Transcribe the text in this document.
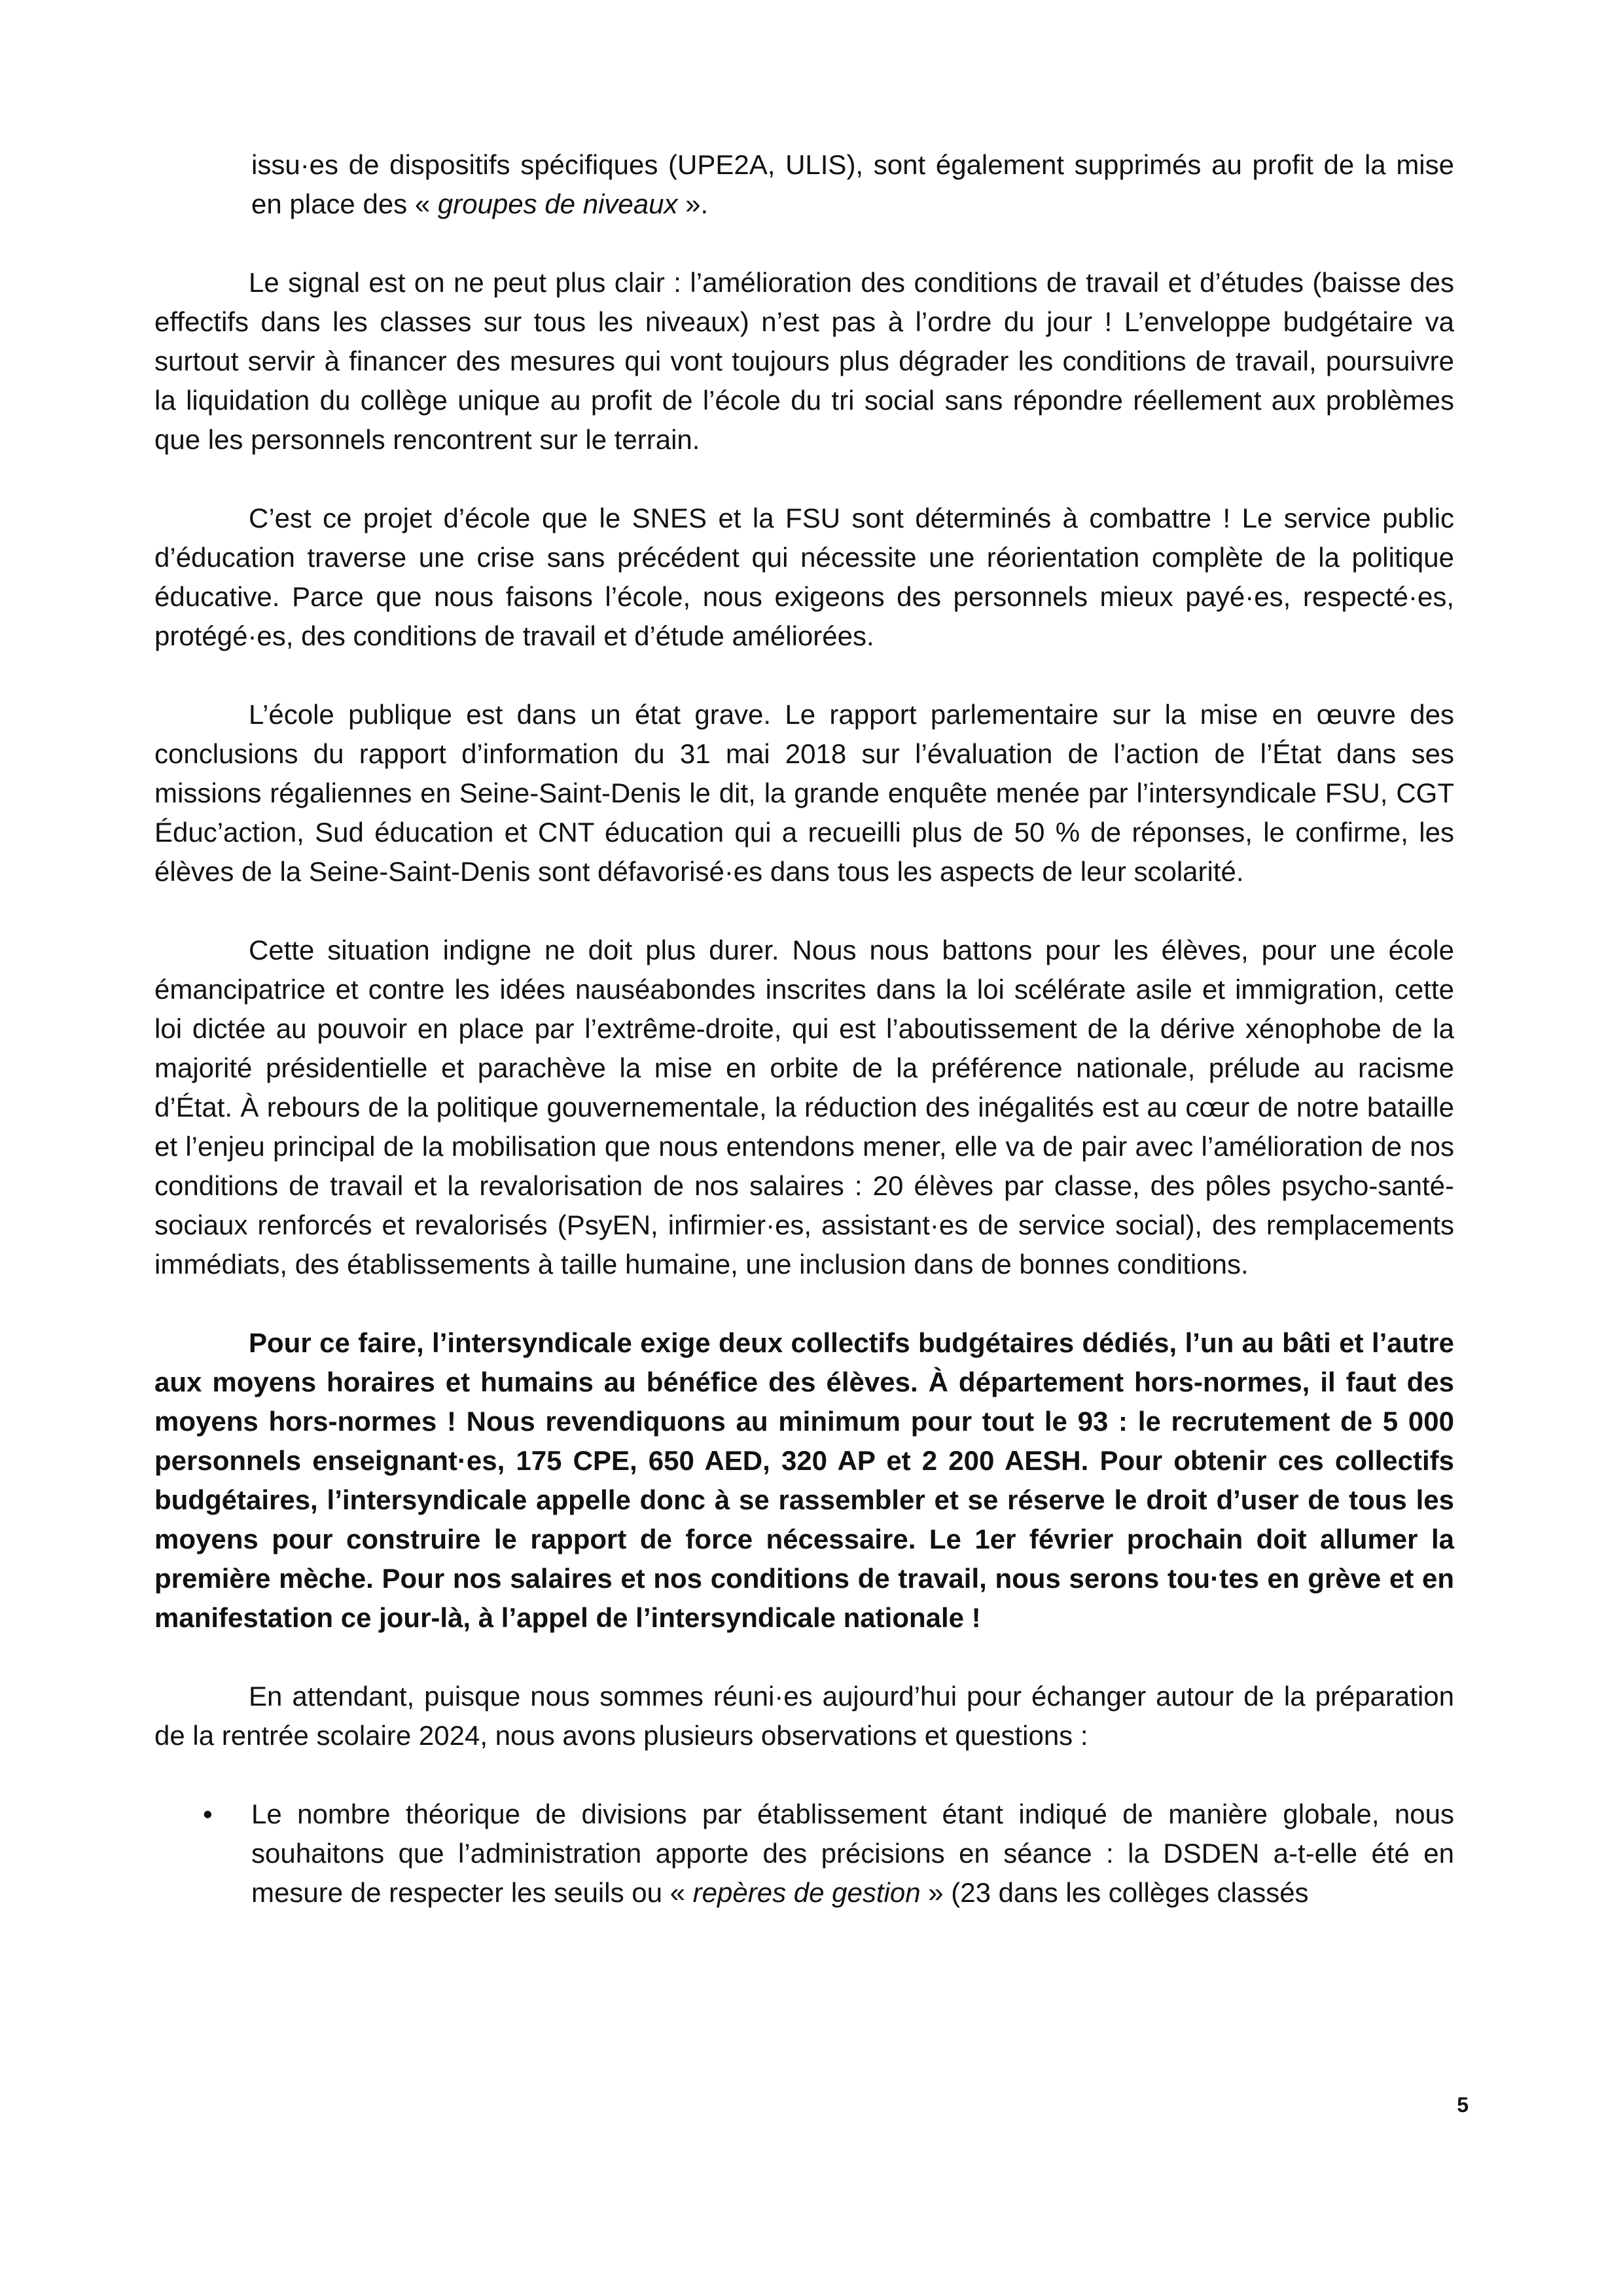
issu·es de dispositifs spécifiques (UPE2A, ULIS), sont également supprimés au profit de la mise en place des « groupes de niveaux ».

Le signal est on ne peut plus clair : l’amélioration des conditions de travail et d’études (baisse des effectifs dans les classes sur tous les niveaux) n’est pas à l’ordre du jour ! L’enveloppe budgétaire va surtout servir à financer des mesures qui vont toujours plus dégrader les conditions de travail, poursuivre la liquidation du collège unique au profit de l’école du tri social sans répondre réellement aux problèmes que les personnels rencontrent sur le terrain.

C’est ce projet d’école que le SNES et la FSU sont déterminés à combattre ! Le service public d’éducation traverse une crise sans précédent qui nécessite une réorientation complète de la politique éducative. Parce que nous faisons l’école, nous exigeons des personnels mieux payé·es, respecté·es, protégé·es, des conditions de travail et d’étude améliorées.

L’école publique est dans un état grave. Le rapport parlementaire sur la mise en œuvre des conclusions du rapport d’information du 31 mai 2018 sur l’évaluation de l’action de l’État dans ses missions régaliennes en Seine-Saint-Denis le dit, la grande enquête menée par l’intersyndicale FSU, CGT Éduc’action, Sud éducation et CNT éducation qui a recueilli plus de 50 % de réponses, le confirme, les élèves de la Seine-Saint-Denis sont défavorisé·es dans tous les aspects de leur scolarité.

Cette situation indigne ne doit plus durer. Nous nous battons pour les élèves, pour une école émancipatrice et contre les idées nauséabondes inscrites dans la loi scélérate asile et immigration, cette loi dictée au pouvoir en place par l’extrême-droite, qui est l’aboutissement de la dérive xénophobe de la majorité présidentielle et parachève la mise en orbite de la préférence nationale, prélude au racisme d’État. À rebours de la politique gouvernementale, la réduction des inégalités est au cœur de notre bataille et l’enjeu principal de la mobilisation que nous entendons mener, elle va de pair avec l’amélioration de nos conditions de travail et la revalorisation de nos salaires : 20 élèves par classe, des pôles psycho-santé-sociaux renforcés et revalorisés (PsyEN, infirmier·es, assistant·es de service social), des remplacements immédiats, des établissements à taille humaine, une inclusion dans de bonnes conditions.

Pour ce faire, l’intersyndicale exige deux collectifs budgétaires dédiés, l’un au bâti et l’autre aux moyens horaires et humains au bénéfice des élèves. À département hors-normes, il faut des moyens hors-normes ! Nous revendiquons au minimum pour tout le 93 : le recrutement de 5 000 personnels enseignant·es, 175 CPE, 650 AED, 320 AP et 2 200 AESH. Pour obtenir ces collectifs budgétaires, l’intersyndicale appelle donc à se rassembler et se réserve le droit d’user de tous les moyens pour construire le rapport de force nécessaire. Le 1er février prochain doit allumer la première mèche. Pour nos salaires et nos conditions de travail, nous serons tou·tes en grève et en manifestation ce jour-là, à l’appel de l’intersyndicale nationale !

En attendant, puisque nous sommes réuni·es aujourd’hui pour échanger autour de la préparation de la rentrée scolaire 2024, nous avons plusieurs observations et questions :

• Le nombre théorique de divisions par établissement étant indiqué de manière globale, nous souhaitons que l’administration apporte des précisions en séance : la DSDEN a-t-elle été en mesure de respecter les seuils ou « repères de gestion » (23 dans les collèges classés
5
